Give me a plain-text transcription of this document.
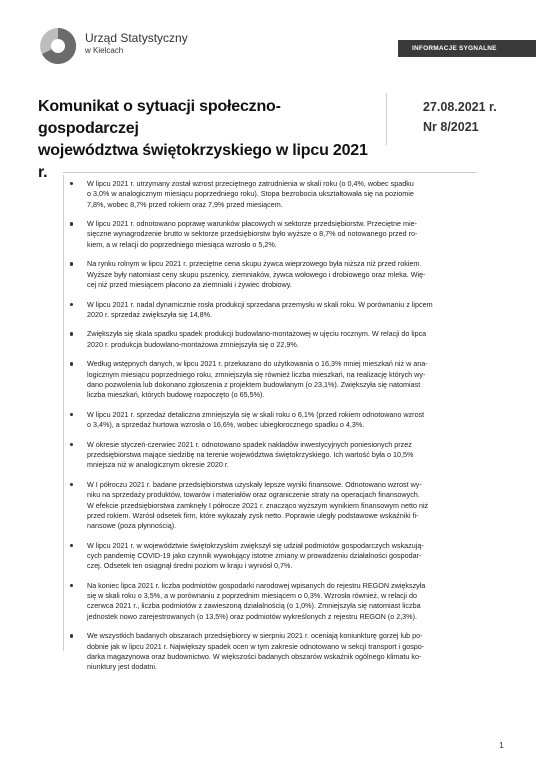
Urząd Statystyczny
w Kielcach	INFORMACJE SYGNALNE
Komunikat o sytuacji społeczno-gospodarczej
województwa świętokrzyskiego w lipcu 2021 r.
27.08.2021 r.
Nr 8/2021
W lipcu 2021 r. utrzymany został wzrost przeciętnego zatrudnienia w skali roku (o 0,4%, wobec spadku
o 3,0% w analogicznym miesiącu poprzedniego roku). Stopa bezrobocia ukształtowała się na poziomie
7,8%, wobec 8,7% przed rokiem oraz 7,9% przed miesiącem.
W lipcu 2021 r. odnotowano poprawę warunków płacowych w sektorze przedsiębiorstw. Przeciętne mie-
sięczne wynagrodzenie brutto w sektorze przedsiębiorstw było wyższe o 8,7% od notowanego przed ro-
kiem, a w relacji do poprzedniego miesiąca wzrosło o 5,2%.
Na rynku rolnym w lipcu 2021 r. przeciętne cena skupu żywca wieprzowego była niższa niż przed rokiem.
Wyższe były natomiast ceny skupu pszenicy, ziemniaków, żywca wołowego i drobiowego oraz mleka. Wię-
cej niż przed miesiącem płacono za ziemniaki i żywiec drobiowy.
W lipcu 2021 r. nadal dynamicznie rosła produkcji sprzedana przemysłu w skali roku. W porównaniu z lipcem
2020 r. sprzedaż zwiększyła się 14,8%.
Zwiększyła się skala spadku spadek produkcji budowlano-montażowej w ujęciu rocznym. W relacji do lipca
2020 r. produkcja budowlano-montażowa zmniejszyła się o 22,9%.
Według wstępnych danych, w lipcu 2021 r. przekazano do użytkowania o 16,3% mniej mieszkań niż w ana-
logicznym miesiącu poprzedniego roku, zmniejszyła się również liczba mieszkań, na realizację których wy-
dano pozwolenia lub dokonano zgłoszenia z projektem budowlanym (o 23,1%). Zwiększyła się natomiast
liczba mieszkań, których budowę rozpoczęto (o 65,5%).
W lipcu 2021 r. sprzedaż detaliczna zmniejszyła się w skali roku o 6,1% (przed rokiem odnotowano wzrost
o 3,4%), a sprzedaż hurtowa wzrosła o 16,6%, wobec ubiegłorocznego spadku o 4,3%.
W okresie styczeń-czerwiec 2021 r. odnotowano spadek nakładów inwestycyjnych poniesionych przez
przedsiębiorstwa mające siedzibę na terenie województwa świętokrzyskiego. Ich wartość była o 10,5%
mniejsza niż w analogicznym okresie 2020 r.
W I półroczu 2021 r. badane przedsiębiorstwa uzyskały lepsze wyniki finansowe. Odnotowano wzrost wy-
niku na sprzedaży produktów, towarów i materiałów oraz ograniczenie straty na operacjach finansowych.
W efekcie przedsiębiorstwa zamknęły I półrocze 2021 r. znacząco wyższym wynikiem finansowym netto niż
przed rokiem. Wzrósł odsetek firm, które wykazały zysk netto. Poprawie uległy podstawowe wskaźniki fi-
nansowe (poza płynnością).
W lipcu 2021 r. w województwie świętokrzyskim zwiększył się udział podmiotów gospodarczych wskazują-
cych pandemię COVID-19 jako czynnik wywołujący istotne zmiany w prowadzeniu działalności gospodar-
czej. Odsetek ten osiągnął średni poziom w kraju i wyniósł 0,7%.
Na koniec lipca 2021 r. liczba podmiotów gospodarki narodowej wpisanych do rejestru REGON zwiększyła
się w skali roku o 3,5%, a w porównaniu z poprzednim miesiącem o 0,3%. Wzrosła również, w relacji do
czerwca 2021 r., liczba podmiotów z zawieszoną działalnością (o 1,0%). Zmniejszyła się natomiast liczba
jednostek nowo zarejestrowanych (o 13,5%) oraz podmiotów wykreślonych z rejestru REGON (o 2,3%).
We wszystkich badanych obszarach przedsiębiorcy w sierpniu 2021 r. oceniają koniunkturę gorzej lub po-
dobnie jak w lipcu 2021 r. Największy spadek ocen w tym zakresie odnotowano w sekcji transport i gospo-
darka magazynowa oraz budownictwo. W większości badanych obszarów wskaźnik ogólnego klimatu ko-
niunktury jest dodatni.
1
